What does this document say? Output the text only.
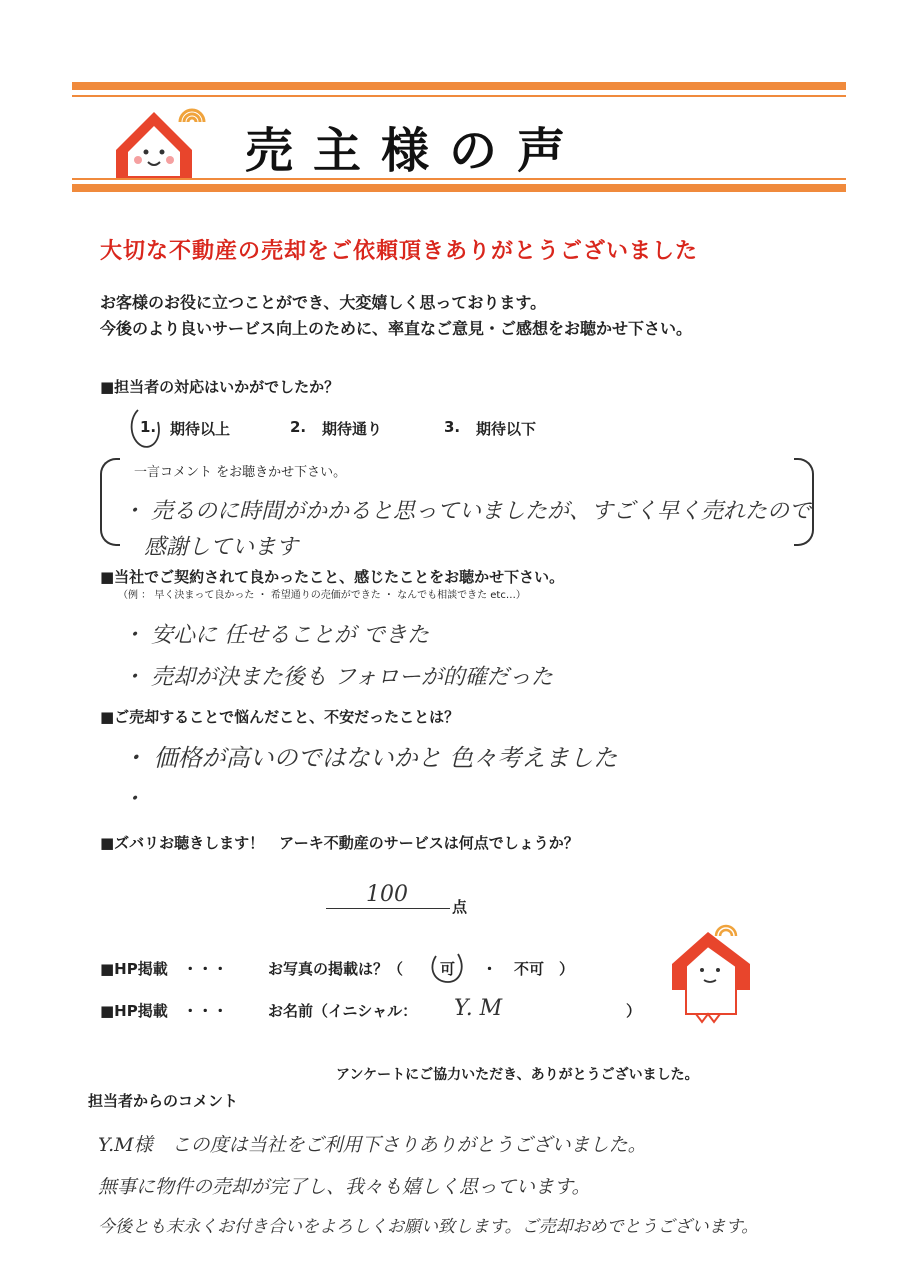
売主様の声
大切な不動産の売却をご依頼頂きありがとうございました
お客様のお役に立つことができ、大変嬉しく思っております。
今後のより良いサービス向上のために、率直なご意見・ご感想をお聴かせ下さい。
■担当者の対応はいかがでしたか？
1. 期待以上	2. 期待通り	3. 期待以下
一言コメント をお聴きかせ下さい。
・ 売るのに時間がかかると思っていましたが、すごく早く売れたので
感謝しています
■当社でご契約されて良かったこと、感じたことをお聴かせ下さい。
（例 ： 早く決まって良かった ・ 希望通りの売価ができた ・ なんでも相談できた etc…）
・ 安心に 任せることが できた
・ 売却が決また後も フォローが的確だった
■ご売却することで悩んだこと、不安だったことは？
・ 価格が高いのではないかと 色々考えました
・
■ズバリお聴きします！　アーキ不動産のサービスは何点でしょうか？
100	点
■HP掲載　・・・	お写真の掲載は？（ 可 ・ 不可　）
■HP掲載　・・・	お名前（イニシャル： Y. M	）
アンケートにご協力いただき、ありがとうございました。
担当者からのコメント
Y.M様　この度は当社をご利用下さりありがとうございました。
無事に物件の売却が完了し、我々も嬉しく思っています。
今後とも末永くお付き合いをよろしくお願い致します。ご売却おめでとうございます。
